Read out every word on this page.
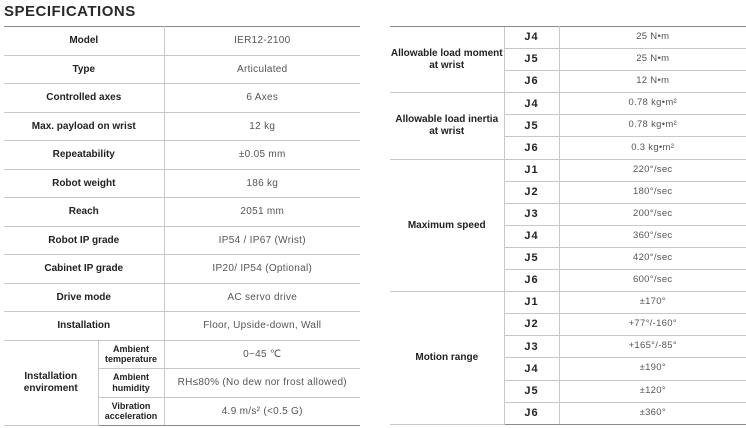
SPECIFICATIONS
Model		IER12-2100
Type		Articulated
Controlled axes		6 Axes
Max. payload on wrist		12 kg
Repeatability		±0.05 mm
Robot weight		186 kg
Reach		2051 mm
Robot IP grade		IP54 / IP67 (Wrist)
Cabinet IP grade		IP20/ IP54 (Optional)
Drive mode		AC servo drive
Installation		Floor, Upside-down, Wall
Installation enviroment	Ambient temperature	0~45 ℃
	Ambient humidity	RH≤80% (No dew nor frost allowed)
	Vibration acceleration	4.9 m/s² (<0.5 G)
Allowable load moment at wrist	J4	25 N•m
	J5	25 N•m
	J6	12 N•m
Allowable load inertia at wrist	J4	0.78 kg•m²
	J5	0.78 kg•m²
	J6	0.3 kg•m²
Maximum speed	J1	220°/sec
	J2	180°/sec
	J3	200°/sec
	J4	360°/sec
	J5	420°/sec
	J6	600°/sec
Motion range	J1	±170°
	J2	+77°/-160°
	J3	+165°/-85°
	J4	±190°
	J5	±120°
	J6	±360°
